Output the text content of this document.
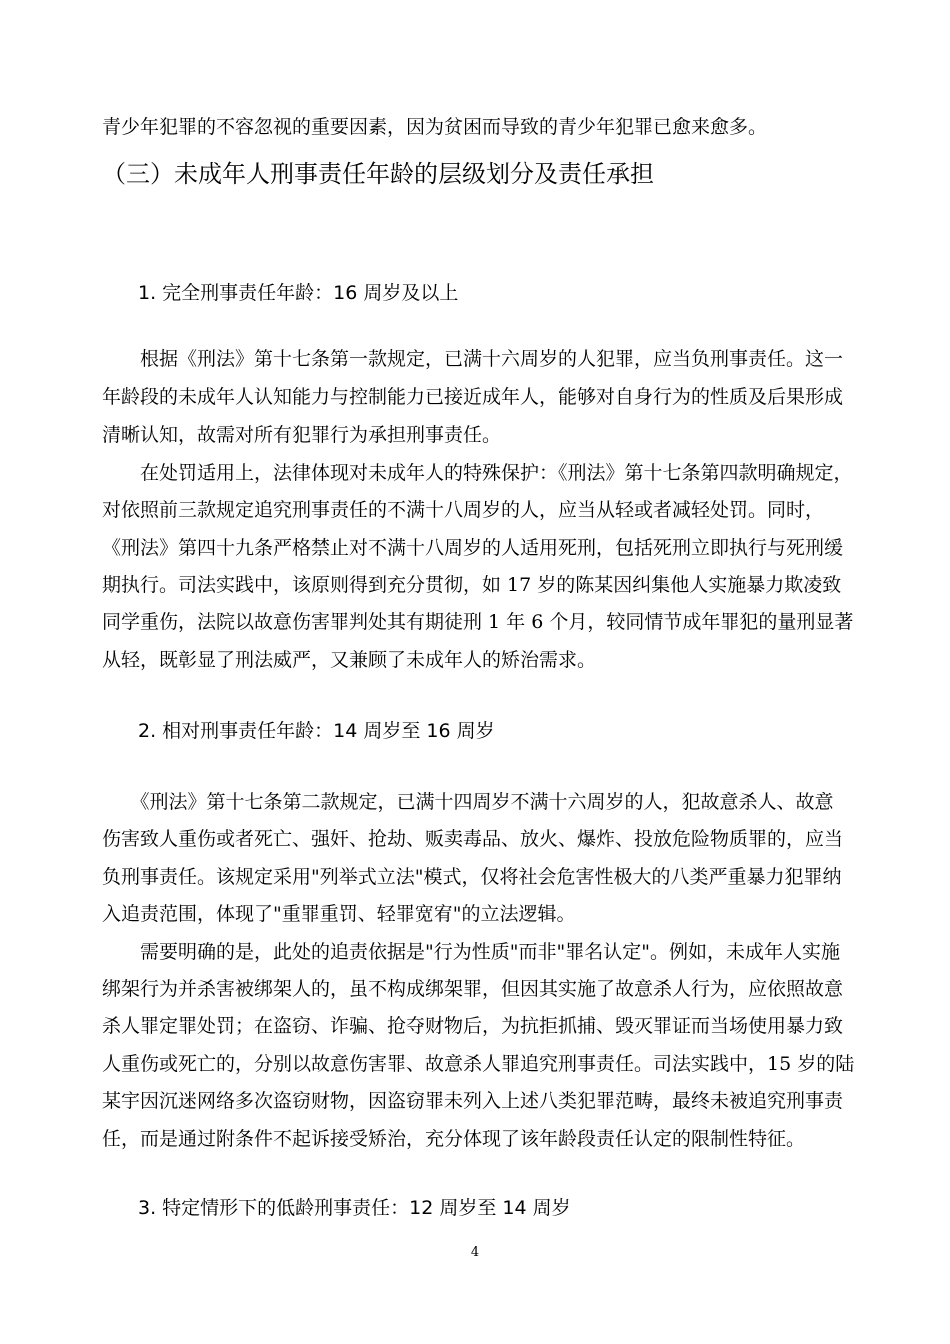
青少年犯罪的不容忽视的重要因素，因为贫困而导致的青少年犯罪已愈来愈多。
（三）未成年人刑事责任年龄的层级划分及责任承担
1. 完全刑事责任年龄：16 周岁及以上
　　根据《刑法》第十七条第一款规定，已满十六周岁的人犯罪，应当负刑事责任。这一
年龄段的未成年人认知能力与控制能力已接近成年人，能够对自身行为的性质及后果形成
清晰认知，故需对所有犯罪行为承担刑事责任。
　　在处罚适用上，法律体现对未成年人的特殊保护：《刑法》第十七条第四款明确规定，
对依照前三款规定追究刑事责任的不满十八周岁的人，应当从轻或者减轻处罚。同时，
《刑法》第四十九条严格禁止对不满十八周岁的人适用死刑，包括死刑立即执行与死刑缓
期执行。司法实践中，该原则得到充分贯彻，如 17 岁的陈某因纠集他人实施暴力欺凌致
同学重伤，法院以故意伤害罪判处其有期徒刑 1 年 6 个月，较同情节成年罪犯的量刑显著
从轻，既彰显了刑法威严，又兼顾了未成年人的矫治需求。
2. 相对刑事责任年龄：14 周岁至 16 周岁
　　《刑法》第十七条第二款规定，已满十四周岁不满十六周岁的人，犯故意杀人、故意
伤害致人重伤或者死亡、强奸、抢劫、贩卖毒品、放火、爆炸、投放危险物质罪的，应当
负刑事责任。该规定采用"列举式立法"模式，仅将社会危害性极大的八类严重暴力犯罪纳
入追责范围，体现了"重罪重罚、轻罪宽宥"的立法逻辑。
　　需要明确的是，此处的追责依据是"行为性质"而非"罪名认定"。例如，未成年人实施
绑架行为并杀害被绑架人的，虽不构成绑架罪，但因其实施了故意杀人行为，应依照故意
杀人罪定罪处罚；在盗窃、诈骗、抢夺财物后，为抗拒抓捕、毁灭罪证而当场使用暴力致
人重伤或死亡的，分别以故意伤害罪、故意杀人罪追究刑事责任。司法实践中，15 岁的陆
某宇因沉迷网络多次盗窃财物，因盗窃罪未列入上述八类犯罪范畴，最终未被追究刑事责
任，而是通过附条件不起诉接受矫治，充分体现了该年龄段责任认定的限制性特征。
3. 特定情形下的低龄刑事责任：12 周岁至 14 周岁
4
